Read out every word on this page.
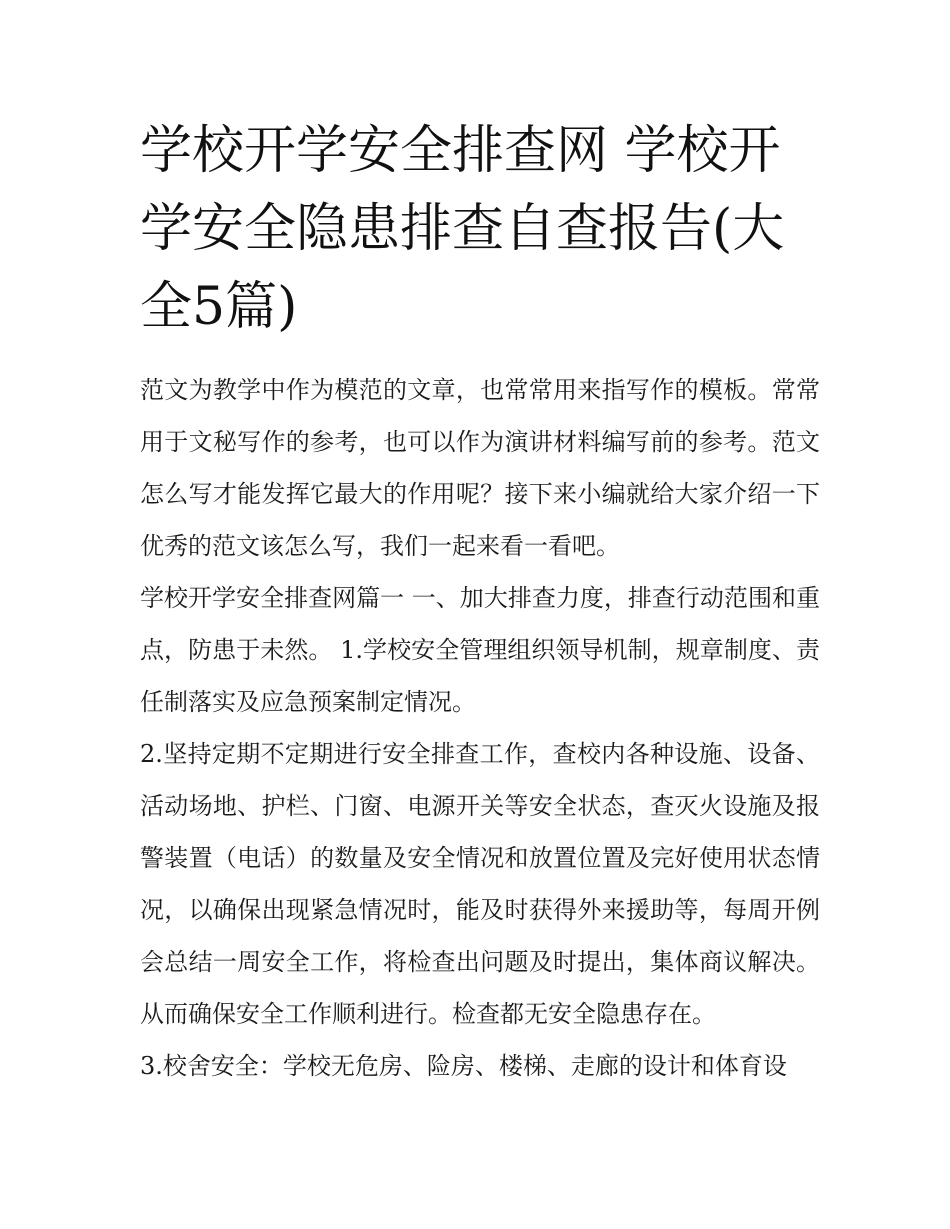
学校开学安全排查网 学校开学安全隐患排查自查报告(大全5篇)

范文为教学中作为模范的文章，也常常用来指写作的模板。常常用于文秘写作的参考，也可以作为演讲材料编写前的参考。范文怎么写才能发挥它最大的作用呢？接下来小编就给大家介绍一下优秀的范文该怎么写，我们一起来看一看吧。

学校开学安全排查网篇一 一、加大排查力度，排查行动范围和重点，防患于未然。 1.学校安全管理组织领导机制，规章制度、责任制落实及应急预案制定情况。

2.坚持定期不定期进行安全排查工作，查校内各种设施、设备、活动场地、护栏、门窗、电源开关等安全状态，查灭火设施及报警装置（电话）的数量及安全情况和放置位置及完好使用状态情况，以确保出现紧急情况时，能及时获得外来援助等，每周开例会总结一周安全工作，将检查出问题及时提出，集体商议解决。从而确保安全工作顺利进行。检查都无安全隐患存在。

3.校舍安全：学校无危房、险房、楼梯、走廊的设计和体育设
